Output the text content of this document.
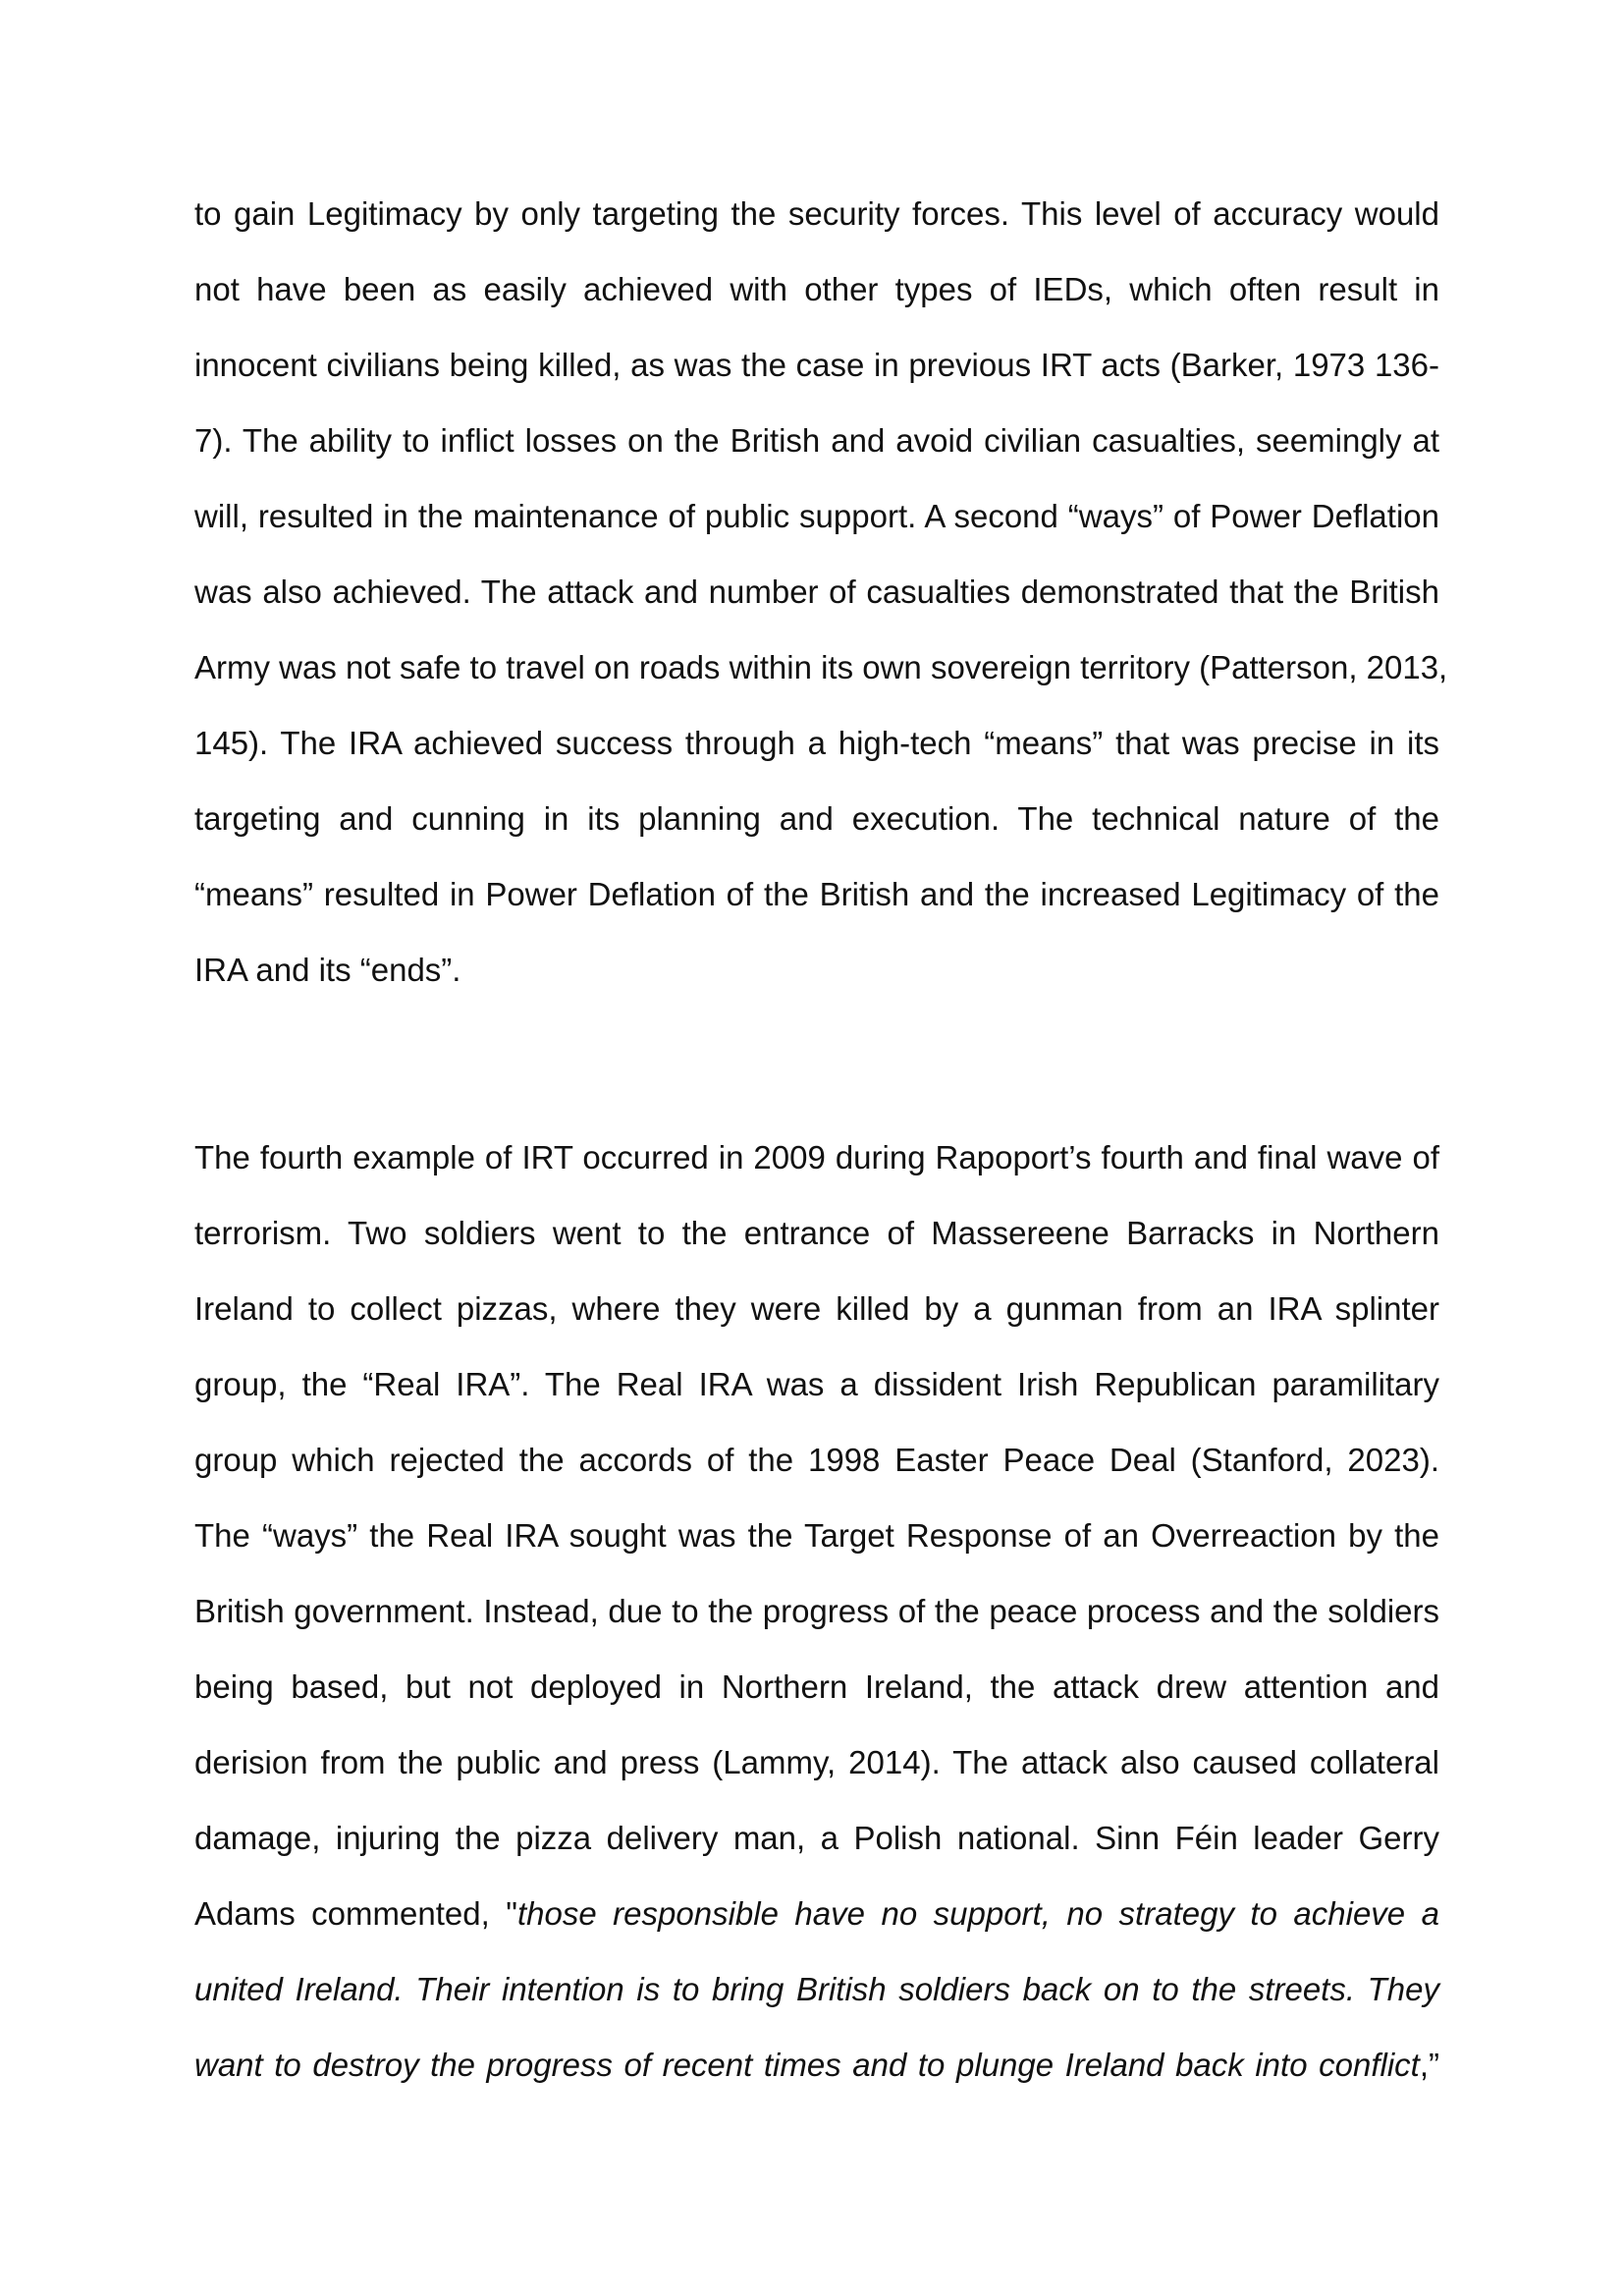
to gain Legitimacy by only targeting the security forces. This level of accuracy would
not have been as easily achieved with other types of IEDs, which often result in
innocent civilians being killed, as was the case in previous IRT acts (Barker, 1973 136-
7). The ability to inflict losses on the British and avoid civilian casualties, seemingly at
will, resulted in the maintenance of public support. A second “ways” of Power Deflation
was also achieved. The attack and number of casualties demonstrated that the British
Army was not safe to travel on roads within its own sovereign territory (Patterson, 2013,
145). The IRA achieved success through a high-tech “means” that was precise in its
targeting and cunning in its planning and execution. The technical nature of the
“means” resulted in Power Deflation of the British and the increased Legitimacy of the
IRA and its “ends”.

The fourth example of IRT occurred in 2009 during Rapoport’s fourth and final wave of
terrorism. Two soldiers went to the entrance of Massereene Barracks in Northern
Ireland to collect pizzas, where they were killed by a gunman from an IRA splinter
group, the “Real IRA”. The Real IRA was a dissident Irish Republican paramilitary
group which rejected the accords of the 1998 Easter Peace Deal (Stanford, 2023).
The “ways” the Real IRA sought was the Target Response of an Overreaction by the
British government. Instead, due to the progress of the peace process and the soldiers
being based, but not deployed in Northern Ireland, the attack drew attention and
derision from the public and press (Lammy, 2014). The attack also caused collateral
damage, injuring the pizza delivery man, a Polish national. Sinn Féin leader Gerry
Adams commented, "those responsible have no support, no strategy to achieve a
united Ireland. Their intention is to bring British soldiers back on to the streets. They
want to destroy the progress of recent times and to plunge Ireland back into conflict,”
